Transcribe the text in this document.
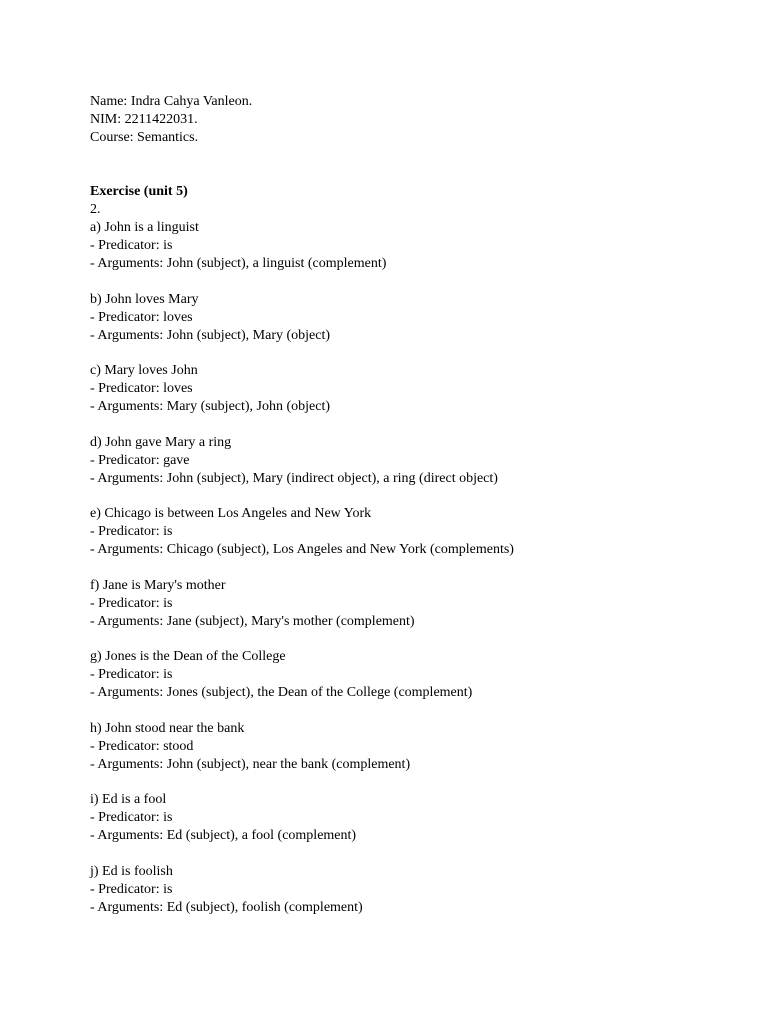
Name: Indra Cahya Vanleon.
NIM: 2211422031.
Course: Semantics.
Exercise (unit 5)
2.
a) John is a linguist
- Predicator: is
- Arguments: John (subject), a linguist (complement)
b) John loves Mary
- Predicator: loves
- Arguments: John (subject), Mary (object)
c) Mary loves John
- Predicator: loves
- Arguments: Mary (subject), John (object)
d) John gave Mary a ring
- Predicator: gave
- Arguments: John (subject), Mary (indirect object), a ring (direct object)
e) Chicago is between Los Angeles and New York
- Predicator: is
- Arguments: Chicago (subject), Los Angeles and New York (complements)
f) Jane is Mary's mother
- Predicator: is
- Arguments: Jane (subject), Mary's mother (complement)
g) Jones is the Dean of the College
- Predicator: is
- Arguments: Jones (subject), the Dean of the College (complement)
h) John stood near the bank
- Predicator: stood
- Arguments: John (subject), near the bank (complement)
i) Ed is a fool
- Predicator: is
- Arguments: Ed (subject), a fool (complement)
j) Ed is foolish
- Predicator: is
- Arguments: Ed (subject), foolish (complement)
